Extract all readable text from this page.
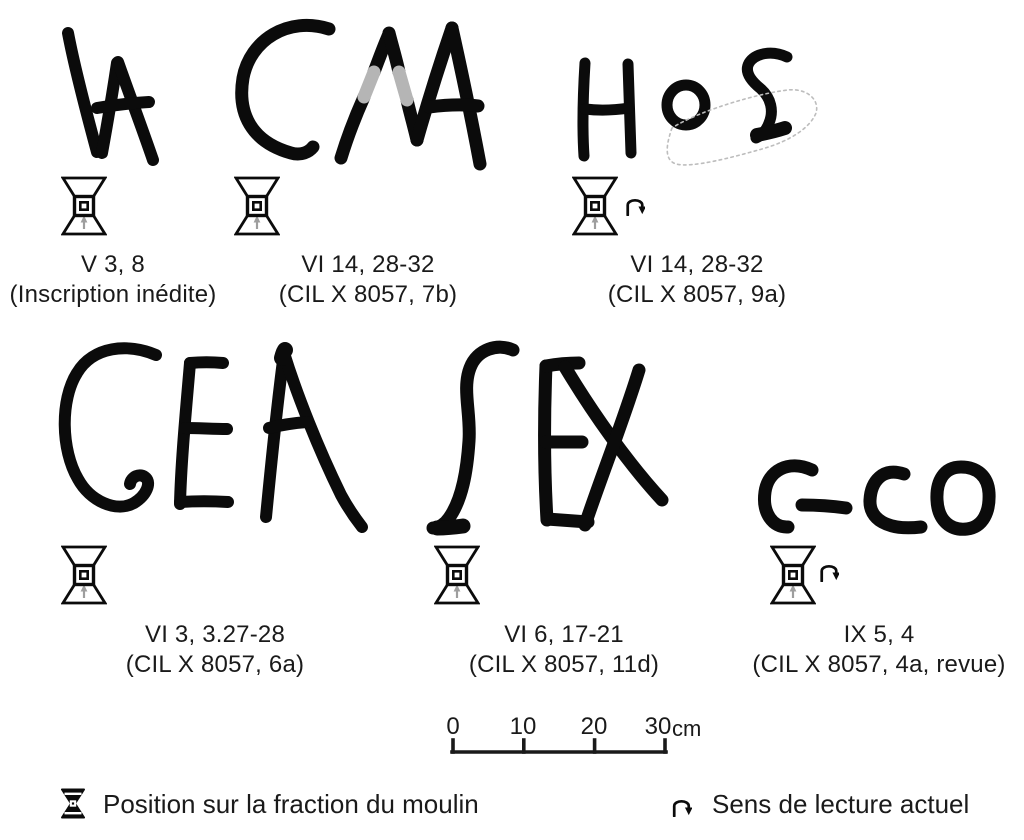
V 3, 8
(Inscription inédite)
VI 14, 28-32
(CIL X 8057, 7b)
VI 14, 28-32
(CIL X 8057, 9a)
VI 3, 3.27-28
(CIL X 8057, 6a)
VI 6, 17-21
(CIL X 8057, 11d)
IX 5, 4
(CIL X 8057, 4a, revue)
0 10 20 30 cm
Position sur la fraction du moulin	Sens de lecture actuel
